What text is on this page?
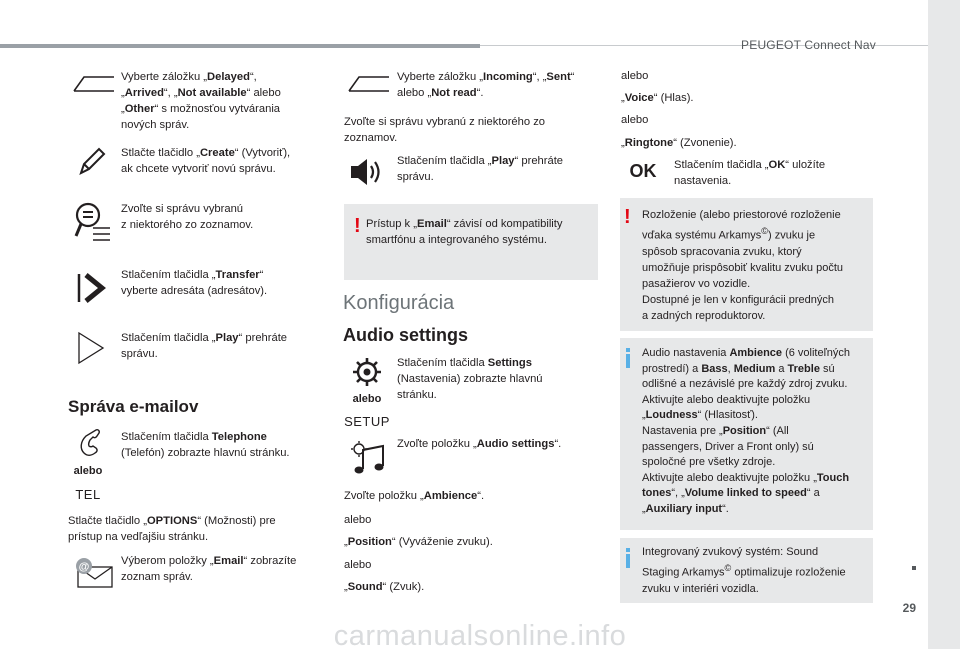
PEUGEOT Connect Nav
29
Vyberte záložku „Delayed“,
„Arrived“, „Not available“ alebo
„Other“ s možnosťou vytvárania
nových správ.
Stlačte tlačidlo „Create“ (Vytvoriť),
ak chcete vytvoriť novú správu.
Zvoľte si správu vybranú
z niektorého zo zoznamov.
Stlačením tlačidla „Transfer“
vyberte adresáta (adresátov).
Stlačením tlačidla „Play“ prehráte
správu.
Správa e-mailov
alebo
TEL
Stlačením tlačidla Telephone
(Telefón) zobrazte hlavnú stránku.
Stlačte tlačidlo „OPTIONS“ (Možnosti) pre
prístup na vedľajšiu stránku.
@	Výberom položky „Email“ zobrazíte
zoznam správ.
Vyberte záložku „Incoming“, „Sent“
alebo „Not read“.
Zvoľte si správu vybranú z niektorého zo
zoznamov.
Stlačením tlačidla „Play“ prehráte
správu.
! Prístup k „Email“ závisí od kompatibility
smartfónu a integrovaného systému.
Konfigurácia
Audio settings
alebo
SETUP
Stlačením tlačidla Settings
(Nastavenia) zobrazte hlavnú
stránku.
Zvoľte položku „Audio settings“.
Zvoľte položku „Ambience“.
alebo
„Position“ (Vyváženie zvuku).
alebo
„Sound“ (Zvuk).
alebo
„Voice“ (Hlas).
alebo
„Ringtone“ (Zvonenie).
OK	Stlačením tlačidla „OK“ uložíte
nastavenia.
! Rozloženie (alebo priestorové rozloženie
vďaka systému Arkamys©) zvuku je
spôsob spracovania zvuku, ktorý
umožňuje prispôsobiť kvalitu zvuku počtu
pasažierov vo vozidle.
Dostupné je len v konfigurácii predných
a zadných reproduktorov.
Audio nastavenia Ambience (6 voliteľných
prostredí) a Bass, Medium a Treble sú
odlišné a nezávislé pre každý zdroj zvuku.
Aktivujte alebo deaktivujte položku
„Loudness“ (Hlasitosť).
Nastavenia pre „Position“ (All
passengers, Driver a Front only) sú
spoločné pre všetky zdroje.
Aktivujte alebo deaktivujte položku „Touch
tones“, „Volume linked to speed“ a
„Auxiliary input“.
Integrovaný zvukový systém: Sound
Staging Arkamys© optimalizuje rozloženie
zvuku v interiéri vozidla.
carmanualsonline.info
